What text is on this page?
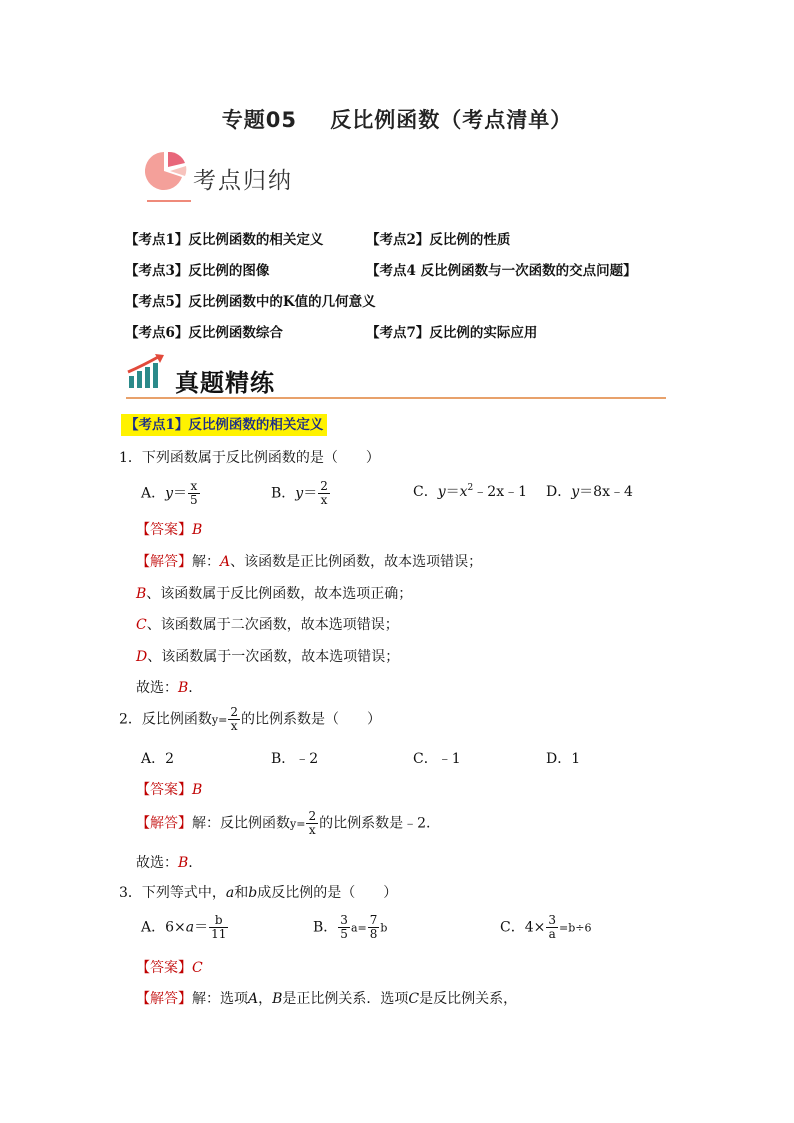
专题05    反比例函数（考点清单）
考点归纳
【考点1】反比例函数的相关定义	【考点2】反比例的性质
【考点3】反比例的图像	【考点4 反比例函数与一次函数的交点问题】
【考点5】反比例函数中的K值的几何意义
【考点6】反比例函数综合	【考点7】反比例的实际应用
真题精练
【考点1】反比例函数的相关定义
1．下列函数属于反比例函数的是（　　）
A．$y= \frac{x}{5}$	B．$y= \frac{2}{x}$	C．$y=x^2﹣2x﹣1$ D．y＝8x﹣4
【答案】B
【解答】解：A、该函数是正比例函数，故本选项错误；
B、该函数属于反比例函数，故本选项正确；
C、该函数属于二次函数，故本选项错误；
D、该函数属于一次函数，故本选项错误；
故选：B.
2．反比例函数$y= \frac{2}{x}$ 的比例系数是（　　）
A．2	B．﹣2	C．﹣1	D．1
【答案】B
【解答】解：反比例函数$y= \frac{2}{x}$ 的比例系数是﹣2.
故选：B.
3．下列等式中，a和b成反比例的是（　　）
A．$6\times a= \frac{b}{11}$	B． $\frac{3}{5} a= \frac{7}{8}$ b	C．$4\times \frac{3}{a} =b\div 6$
【答案】C
【解答】解：选项A，B是正比例关系．选项C是反比例关系，
